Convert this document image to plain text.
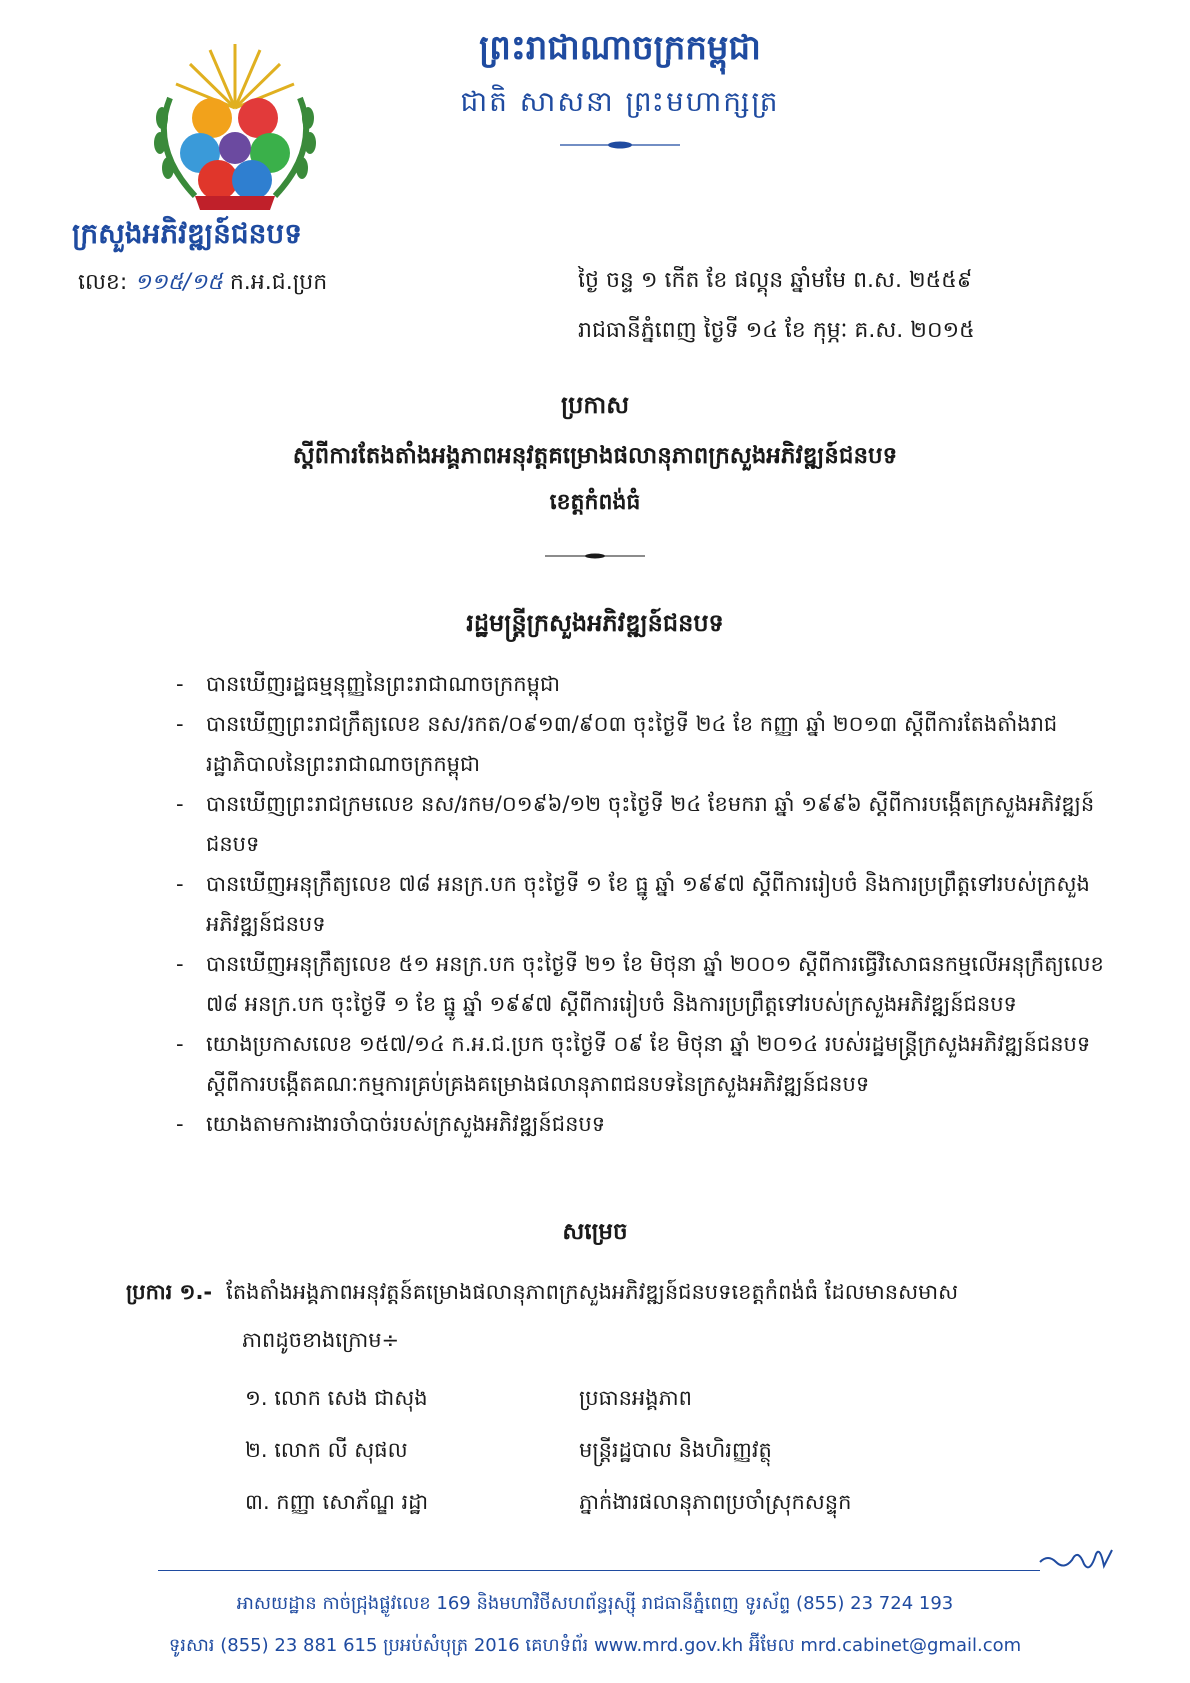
ព្រះរាជាណាចក្រកម្ពុជា
ជាតិ សាសនា ព្រះមហាក្សត្រ
ក្រសួងអភិវឌ្ឍន៍ជនបទ
លេខ: ១១៥/១៥ ក.អ.ជ.ប្រក	ថ្ងៃ ចន្ទ ១ កើត ខែ ផល្គុន ឆ្នាំមមែ ព.ស. ២៥៥៩
រាជធានីភ្នំពេញ ថ្ងៃទី ១៤ ខែ កុម្ភៈ គ.ស. ២០១៥
ប្រកាស
ស្តីពីការតែងតាំងអង្គភាពអនុវត្តគម្រោងផលានុភាពក្រសួងអភិវឌ្ឍន៍ជនបទ
ខេត្តកំពង់ធំ
រដ្ឋមន្ត្រីក្រសួងអភិវឌ្ឍន៍ជនបទ
- បានឃើញរដ្ឋធម្មនុញ្ញនៃព្រះរាជាណាចក្រកម្ពុជា
- បានឃើញព្រះរាជក្រឹត្យលេខ នស/រកត/០៩១៣/៩០៣ ចុះថ្ងៃទី ២៤ ខែ កញ្ញា ឆ្នាំ ២០១៣ ស្តីពីការតែងតាំងរាជរដ្ឋាភិបាលនៃព្រះរាជាណាចក្រកម្ពុជា
- បានឃើញព្រះរាជក្រមលេខ នស/រកម/០១៩៦/១២ ចុះថ្ងៃទី ២៤ ខែមករា ឆ្នាំ ១៩៩៦ ស្តីពីការបង្កើតក្រសួងអភិវឌ្ឍន៍ជនបទ
- បានឃើញអនុក្រឹត្យលេខ ៧៨ អនក្រ.បក ចុះថ្ងៃទី ១ ខែ ធ្នូ ឆ្នាំ ១៩៩៧ ស្តីពីការរៀបចំ និងការប្រព្រឹត្តទៅរបស់ក្រសួងអភិវឌ្ឍន៍ជនបទ
- បានឃើញអនុក្រឹត្យលេខ ៥១ អនក្រ.បក ចុះថ្ងៃទី ២១ ខែ មិថុនា ឆ្នាំ ២០០១ ស្តីពីការធ្វើវិសោធនកម្មលើអនុក្រឹត្យលេខ ៧៨ អនក្រ.បក ចុះថ្ងៃទី ១ ខែ ធ្នូ ឆ្នាំ ១៩៩៧ ស្តីពីការរៀបចំ និងការប្រព្រឹត្តទៅរបស់ក្រសួងអភិវឌ្ឍន៍ជនបទ
- យោងប្រកាសលេខ ១៥៧/១៤ ក.អ.ជ.ប្រក ចុះថ្ងៃទី ០៩ ខែ មិថុនា ឆ្នាំ ២០១៤ របស់រដ្ឋមន្ត្រីក្រសួងអភិវឌ្ឍន៍ជនបទស្តីពីការបង្កើតគណៈកម្មការគ្រប់គ្រងគម្រោងផលានុភាពជនបទនៃក្រសួងអភិវឌ្ឍន៍ជនបទ
- យោងតាមការងារចាំបាច់របស់ក្រសួងអភិវឌ្ឍន៍ជនបទ
សម្រេច
ប្រការ ១.- តែងតាំងអង្គភាពអនុវត្តន៍គម្រោងផលានុភាពក្រសួងអភិវឌ្ឍន៍ជនបទខេត្តកំពង់ធំ ដែលមានសមាស
ភាពដូចខាងក្រោម÷
១. លោក សេង ជាសុង	ប្រធានអង្គភាព
២. លោក លី សុផល	មន្ត្រីរដ្ឋបាល និងហិរញ្ញវត្ថុ
៣. កញ្ញា សោភ័ណ្ឌ រដ្ឋា	ភ្នាក់ងារផលានុភាពប្រចាំស្រុកសន្ទុក
អាសយដ្ឋាន កាច់ជ្រុងផ្លូវលេខ 169 និងមហាវិថីសហព័ន្ធរុស្ស៊ី រាជធានីភ្នំពេញ ទូរស័ព្ទ (855) 23 724 193
ទូរសារ (855) 23 881 615 ប្រអប់សំបុត្រ 2016 គេហទំព័រ www.mrd.gov.kh អ៊ីមែល mrd.cabinet@gmail.com
